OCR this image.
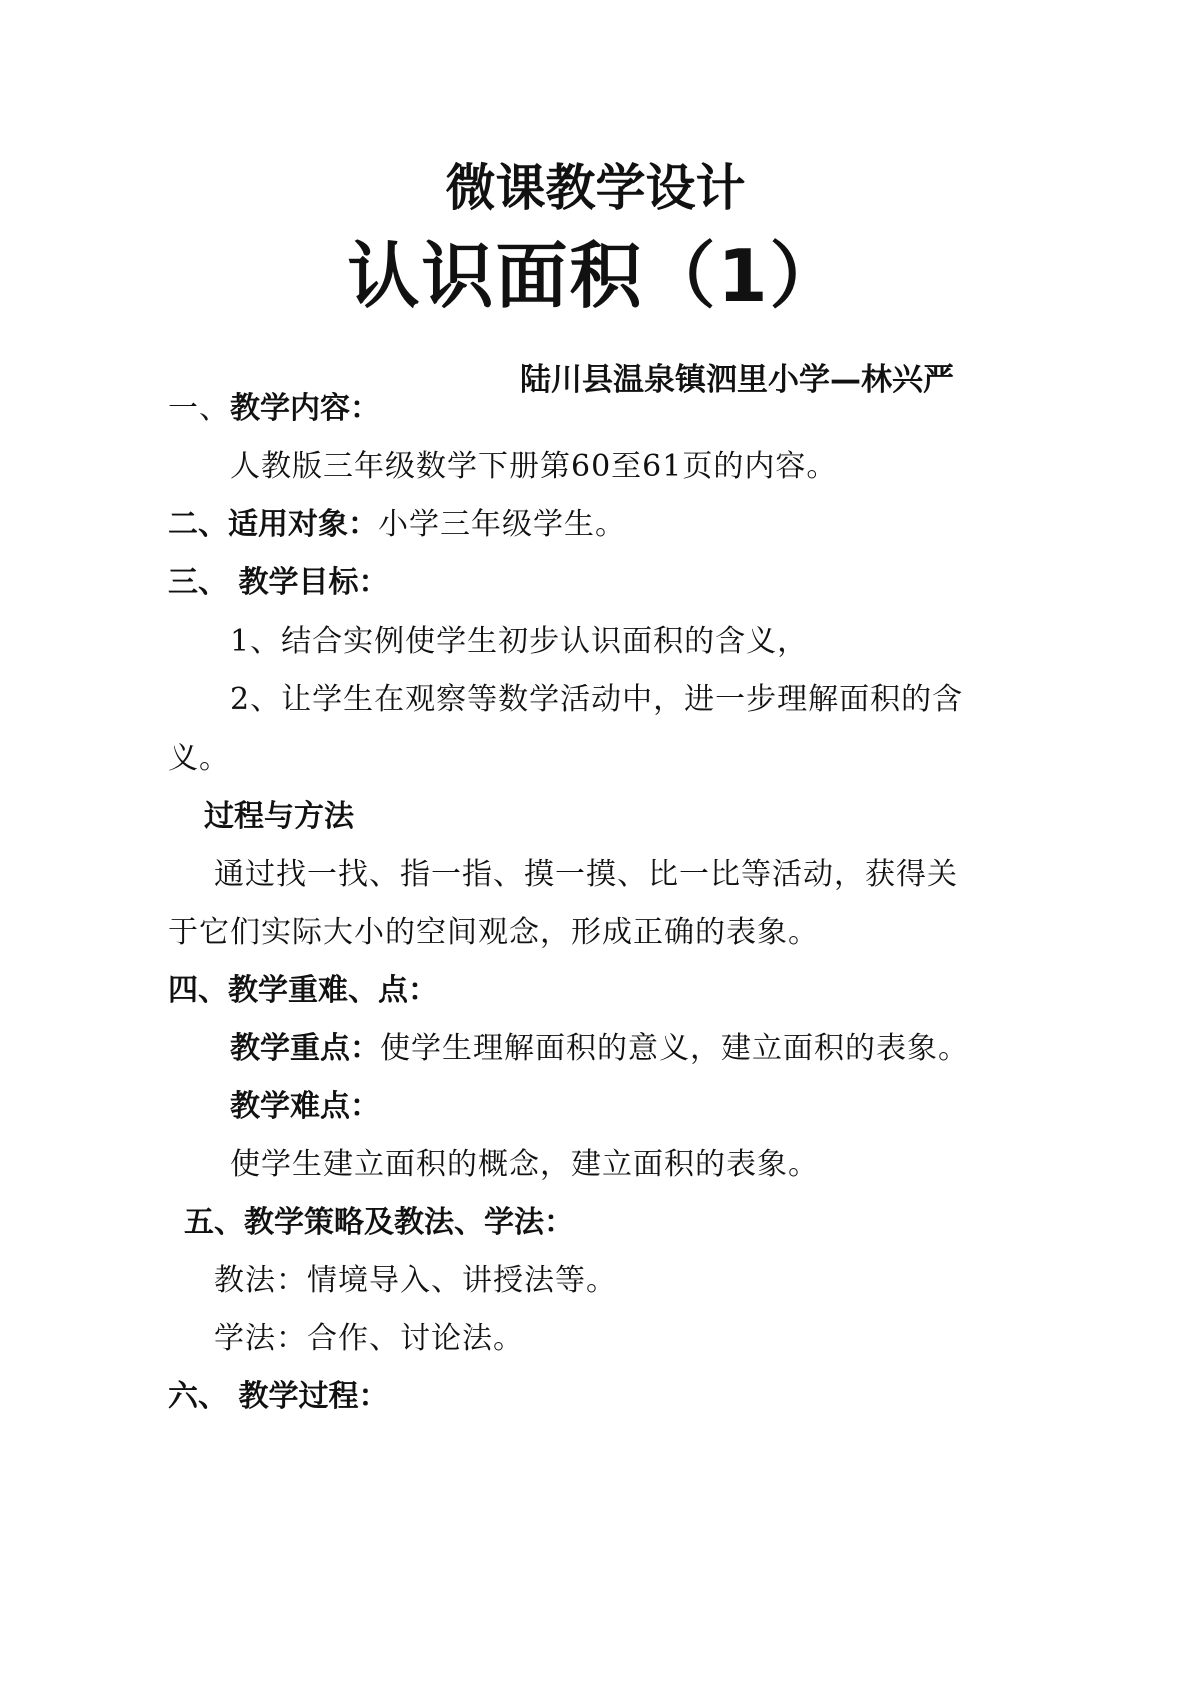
微课教学设计
认识面积（1）
陆川县温泉镇泗里小学—林兴严
一、教学内容：
人教版三年级数学下册第60至61页的内容。
二、适用对象：小学三年级学生。
三、 教学目标：
1、结合实例使学生初步认识面积的含义，
2、让学生在观察等数学活动中，进一步理解面积的含
义。
过程与方法
通过找一找、指一指、摸一摸、比一比等活动，获得关
于它们实际大小的空间观念，形成正确的表象。
四、教学重难、点：
教学重点：使学生理解面积的意义，建立面积的表象。
教学难点：
使学生建立面积的概念，建立面积的表象。
五、教学策略及教法、学法：
教法：情境导入、讲授法等。
学法：合作、讨论法。
六、 教学过程：
